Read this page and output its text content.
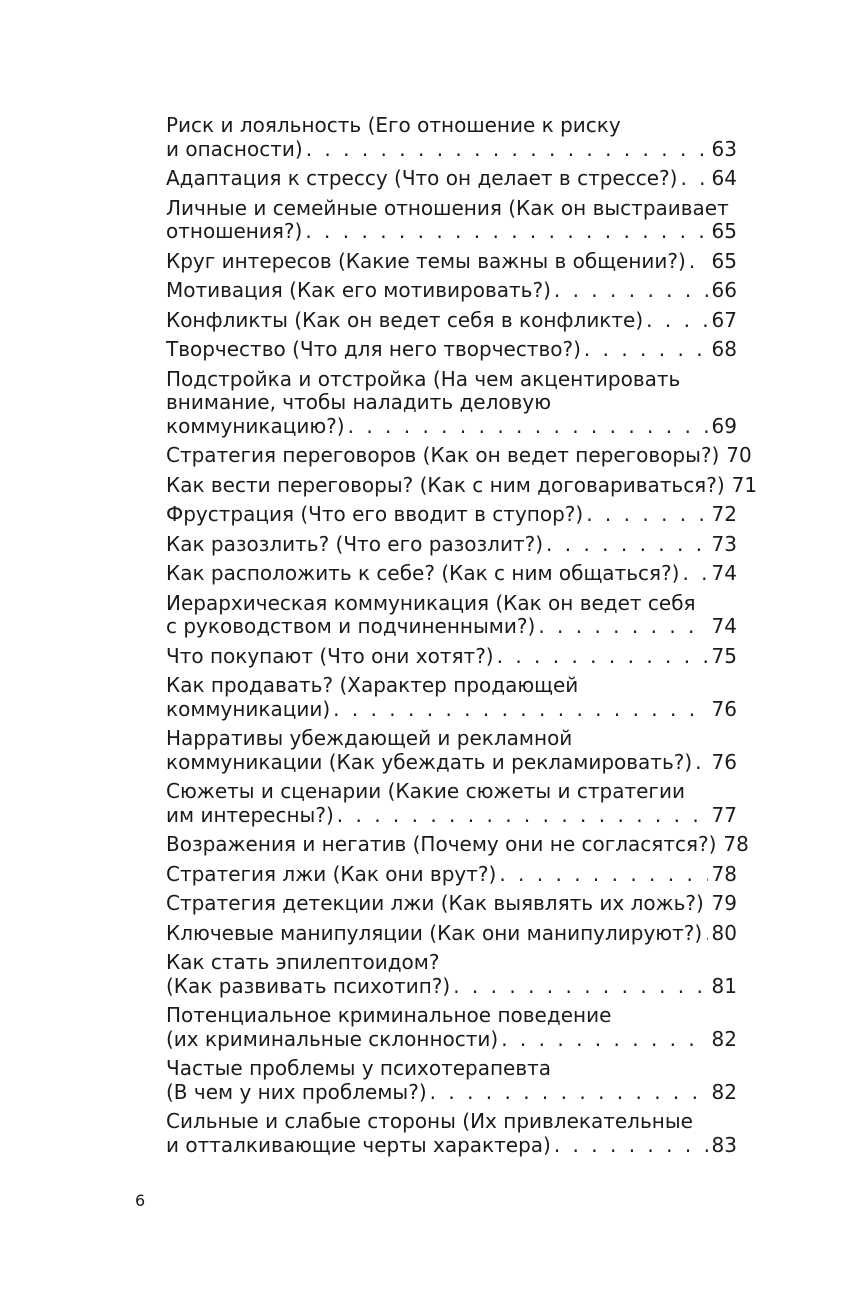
Риск и лояльность (Его отношение к риску
и опасности) . . .	63
Адаптация к стрессу (Что он делает в стрессе?) . . . 64
Личные и семейные отношения (Как он выстраивает
отношения?) . . .	65
Круг интересов (Какие темы важны в общении?) . . . 65
Мотивация (Как его мотивировать?) . . .	66
Конфликты (Как он ведет себя в конфликте) . . .	67
Творчество (Что для него творчество?) . . .	68
Подстройка и отстройка (На чем акцентировать
внимание, чтобы наладить деловую
коммуникацию?) . . .	69
Стратегия переговоров (Как он ведет переговоры?) . . . 70
Как вести переговоры? (Как с ним договариваться?) . . . 71
Фрустрация (Что его вводит в ступор?) . . .	72
Как разозлить? (Что его разозлит?) . . .	73
Как расположить к себе? (Как с ним общаться?) . . . 74
Иерархическая коммуникация (Как он ведет себя
с руководством и подчиненными?) . . .	74
Что покупают (Что они хотят?) . . .	75
Как продавать? (Характер продающей
коммуникации) . . .	76
Нарративы убеждающей и рекламной
коммуникации (Как убеждать и рекламировать?) . . . 76
Сюжеты и сценарии (Какие сюжеты и стратегии
им интересны?) . . .	77
Возражения и негатив (Почему они не согласятся?) . . . 78
Стратегия лжи (Как они врут?) . . .	78
Стратегия детекции лжи (Как выявлять их ложь?) . . . 79
Ключевые манипуляции (Как они манипулируют?) . . . 80
Как стать эпилептоидом?
(Как развивать психотип?) . . .	81
Потенциальное криминальное поведение
(их криминальные склонности) . . .	82
Частые проблемы у психотерапевта
(В чем у них проблемы?) . . .	82
Сильные и слабые стороны (Их привлекательные
и отталкивающие черты характера) . . .	83
6
